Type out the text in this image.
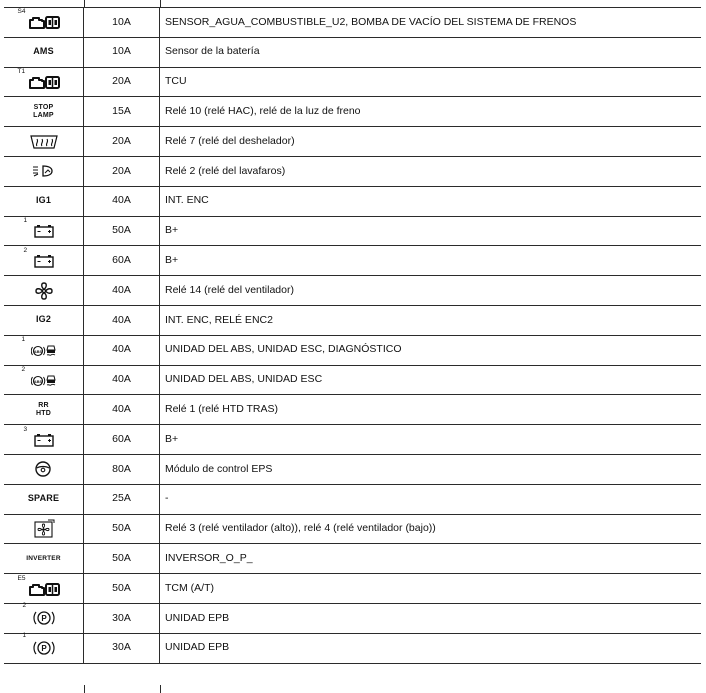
S4
10A	SENSOR_AGUA_COMBUSTIBLE_U2, BOMBA DE VACÍO DEL SISTEMA DE FRENOS
AMS	10A	Sensor de la batería
T1
20A	TCU
STOP
LAMP	15A	Relé 10 (relé HAC), relé de la luz de freno
20A	Relé 7 (relé del deshelador)
20A	Relé 2 (relé del lavafaros)
IG1	40A	INT. ENC
1
50A	B+
2
60A	B+
40A	Relé 14 (relé del ventilador)
IG2	40A	INT. ENC, RELÉ ENC2
ABS
1
40A	UNIDAD DEL ABS, UNIDAD ESC, DIAGNÓSTICO
ABS
2
40A	UNIDAD DEL ABS, UNIDAD ESC
RR
HTD	40A	Relé 1 (relé HTD TRAS)
3
60A	B+
80A	Módulo de control EPS
SPARE	25A	-
50A	Relé 3 (relé ventilador (alto)), relé 4 (relé ventilador (bajo))
INVERTER	50A	INVERSOR_O_P_
E5
50A	TCM (A/T)
P
2
30A	UNIDAD EPB
P
1
30A	UNIDAD EPB
